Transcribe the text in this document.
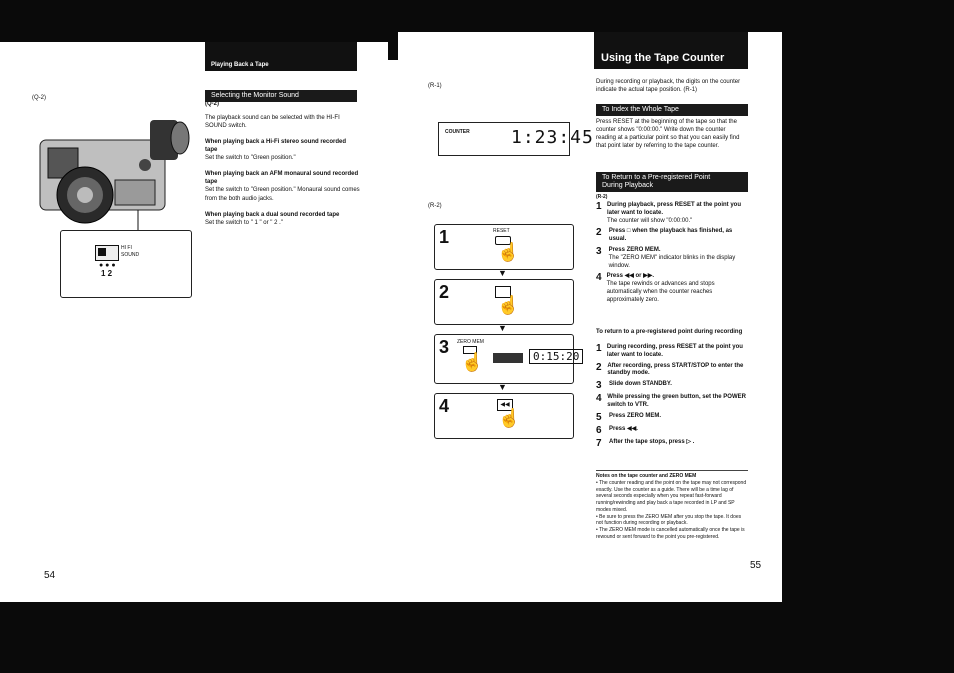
(Q-2)
HI FI
SOUND
● ● ●
1 2
Playing Back a Tape
Selecting the Monitor Sound
(Q-2)
The playback sound can be selected with the HI-FI SOUND switch.
When playing back a Hi-Fi stereo sound recorded tape
Set the switch to "Green position."
When playing back an AFM monaural sound recorded tape
Set the switch to "Green position." Monaural sound comes from the both audio jacks.
When playing back a dual sound recorded tape
Set the switch to " 1 " or " 2 ."
54
(R-1)
COUNTER 1:23:45
(R-2)
1	RESET
☝
▼
2
☝
▼
3 ZERO MEM
☝	0:15:20
▼
4	◀◀
☝
Using the Tape Counter
During recording or playback, the digits on the counter indicate the actual tape position. (R-1)
To Index the Whole Tape
Press RESET at the beginning of the tape so that the counter shows "0:00:00." Write down the counter reading at a particular point so that you can easily find that point later by referring to the tape counter.
To Return to a Pre-registered Point
During Playback
(R-2)
1 During playback, press RESET at the point you later want to locate.
The counter will show "0:00:00."
2	Press □ when the playback has finished, as usual.
3	Press ZERO MEM.
The "ZERO MEM" indicator blinks in the display window.
4 Press ◀◀ or ▶▶.
The tape rewinds or advances and stops automatically when the counter reaches approximately zero.
To return to a pre-registered point during recording
1 During recording, press RESET at the point you later want to locate.
2 After recording, press START/STOP to enter the standby mode.
3	Slide down STANDBY.
4 While pressing the green button, set the POWER switch to VTR.
5	Press ZERO MEM.
6	Press ◀◀.
7	After the tape stops, press ▷ .
Notes on the tape counter and ZERO MEM
• The counter reading and the point on the tape may not correspond exactly. Use the counter as a guide. There will be a time lag of several seconds especially when you repeat fast-forward running/rewinding and play back a tape recorded in LP and SP modes mixed.
• Be sure to press the ZERO MEM after you stop the tape. It does not function during recording or playback.
• The ZERO MEM mode is cancelled automatically once the tape is rewound or sent forward to the point you pre-registered.
55
